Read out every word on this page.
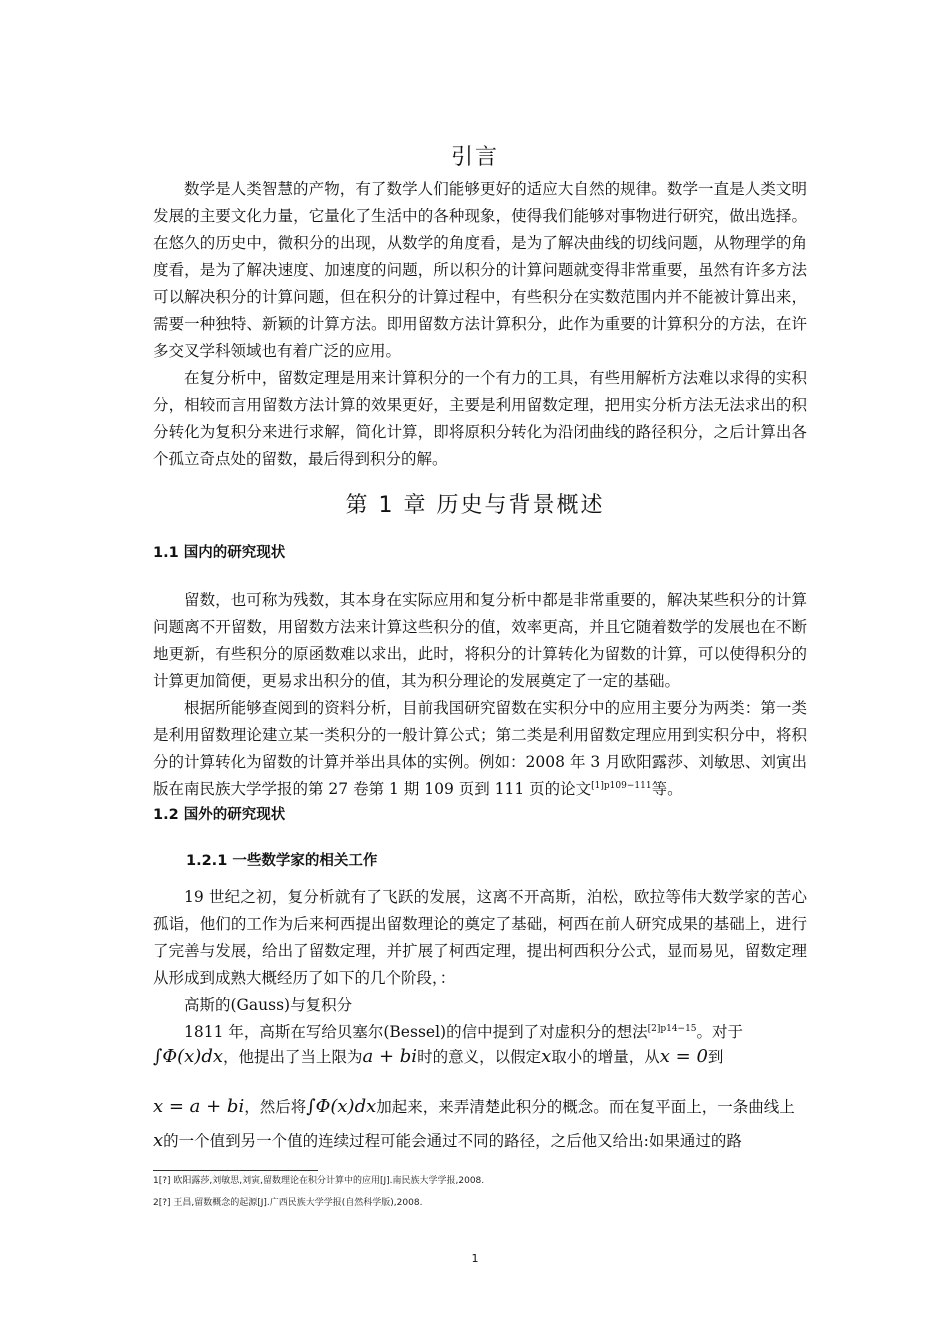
引言

数学是人类智慧的产物，有了数学人们能够更好的适应大自然的规律。数学一直是人类文明发展的主要文化力量，它量化了生活中的各种现象，使得我们能够对事物进行研究，做出选择。在悠久的历史中，微积分的出现，从数学的角度看，是为了解决曲线的切线问题，从物理学的角度看，是为了解决速度、加速度的问题，所以积分的计算问题就变得非常重要，虽然有许多方法可以解决积分的计算问题，但在积分的计算过程中，有些积分在实数范围内并不能被计算出来，需要一种独特、新颖的计算方法。即用留数方法计算积分，此作为重要的计算积分的方法，在许多交叉学科领域也有着广泛的应用。

在复分析中，留数定理是用来计算积分的一个有力的工具，有些用解析方法难以求得的实积分，相较而言用留数方法计算的效果更好，主要是利用留数定理，把用实分析方法无法求出的积分转化为复积分来进行求解，简化计算，即将原积分转化为沿闭曲线的路径积分，之后计算出各个孤立奇点处的留数，最后得到积分的解。

第 1 章 历史与背景概述
1.1 国内的研究现状

留数，也可称为残数，其本身在实际应用和复分析中都是非常重要的，解决某些积分的计算问题离不开留数，用留数方法来计算这些积分的值，效率更高，并且它随着数学的发展也在不断地更新，有些积分的原函数难以求出，此时，将积分的计算转化为留数的计算，可以使得积分的计算更加简便，更易求出积分的值，其为积分理论的发展奠定了一定的基础。

根据所能够查阅到的资料分析，目前我国研究留数在实积分中的应用主要分为两类：第一类是利用留数理论建立某一类积分的一般计算公式；第二类是利用留数定理应用到实积分中，将积分的计算转化为留数的计算并举出具体的实例。例如：2008 年 3 月欧阳露莎、刘敏思、刘寅出版在南民族大学学报的第 27 卷第 1 期 109 页到 111 页的论文$^{[1]p109-111}$等。

1.2 国外的研究现状
1.2.1 一些数学家的相关工作

19 世纪之初，复分析就有了飞跃的发展，这离不开高斯，泊松，欧拉等伟大数学家的苦心孤诣，他们的工作为后来柯西提出留数理论的奠定了基础，柯西在前人研究成果的基础上，进行了完善与发展，给出了留数定理，并扩展了柯西定理，提出柯西积分公式，显而易见，留数定理从形成到成熟大概经历了如下的几个阶段，：

高斯的(Gauss)与复积分

1811 年，高斯在写给贝塞尔(Bessel)的信中提到了对虚积分的想法$^{[2]p14-15}$。对于

∫Φ(x)dx，他提出了当上限为a + bi时的意义，以假定x取小的增量，从x = 0到
x = a + bi，然后将∫Φ(x)dx加起来，来弄清楚此积分的概念。而在复平面上，一条曲线上
x的一个值到另一个值的连续过程可能会通过不同的路径，之后他又给出:如果通过的路
1[?] 欧阳露莎,刘敏思,刘寅,留数理论在积分计算中的应用[J].南民族大学学报,2008.
2[?] 王昌,留数概念的起源[J].广西民族大学学报(自然科学版),2008.
1
